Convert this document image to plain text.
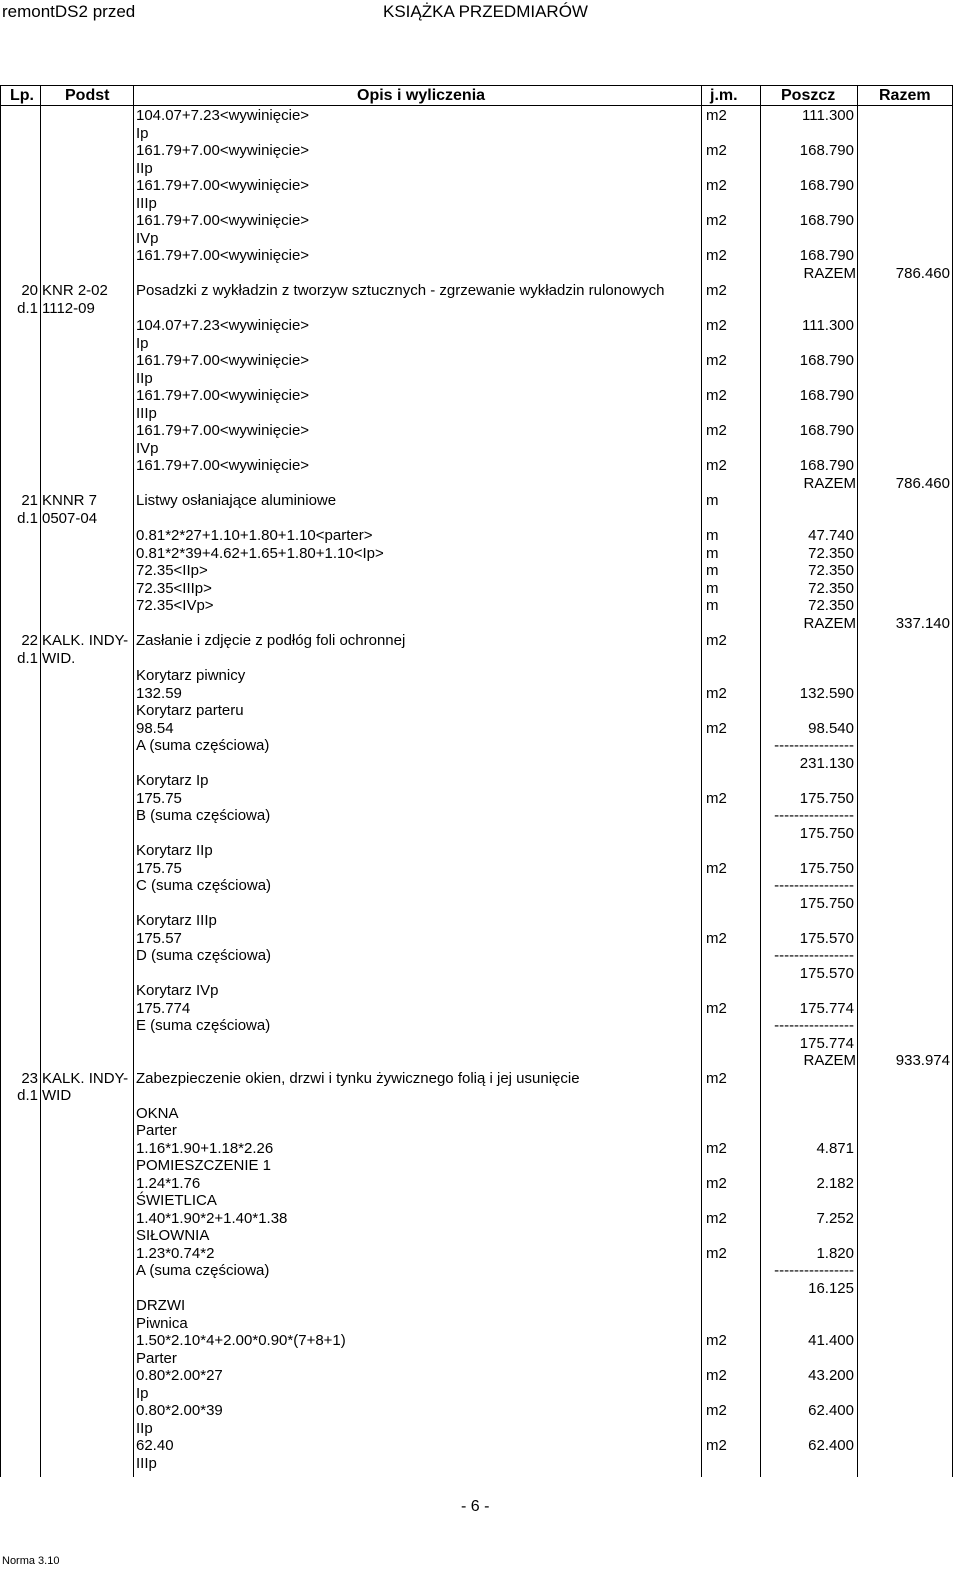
remontDS2 przed	KSIĄŻKA PRZEDMIARÓW
Lp. Podst	Opis i wyliczenia	j.m.	Poszcz	Razem
104.07+7.23<wywinięcie>	m2	111.300
Ip
161.79+7.00<wywinięcie>	m2	168.790
IIp
161.79+7.00<wywinięcie>	m2	168.790
IIIp
161.79+7.00<wywinięcie>	m2	168.790
IVp
161.79+7.00<wywinięcie>	m2	168.790
RAZEM	786.460
20 KNR 2-02	Posadzki z wykładzin z tworzyw sztucznych - zgrzewanie wykładzin rulonowych	m2
d.1 1112-09
104.07+7.23<wywinięcie>	m2	111.300
Ip
161.79+7.00<wywinięcie>	m2	168.790
IIp
161.79+7.00<wywinięcie>	m2	168.790
IIIp
161.79+7.00<wywinięcie>	m2	168.790
IVp
161.79+7.00<wywinięcie>	m2	168.790
RAZEM	786.460
21 KNNR 7	Listwy osłaniające aluminiowe	m
d.1 0507-04
0.81*2*27+1.10+1.80+1.10<parter>	m	47.740
0.81*2*39+4.62+1.65+1.80+1.10<Ip>	m	72.350
72.35<IIp>	m	72.350
72.35<IIIp>	m	72.350
72.35<IVp>	m	72.350
RAZEM	337.140
22 KALK. INDY- Zasłanie i zdjęcie z podłóg foli ochronnej	m2
d.1 WID.
Korytarz piwnicy
132.59	m2	132.590
Korytarz parteru
98.54	m2	98.540
A (suma częściowa)	----------------
231.130
Korytarz Ip
175.75	m2	175.750
B (suma częściowa)	----------------
175.750
Korytarz IIp
175.75	m2	175.750
C (suma częściowa)	----------------
175.750
Korytarz IIIp
175.57	m2	175.570
D (suma częściowa)	----------------
175.570
Korytarz IVp
175.774	m2	175.774
E (suma częściowa)	----------------
175.774
RAZEM	933.974
23 KALK. INDY- Zabezpieczenie okien, drzwi i tynku żywicznego folią i jej usunięcie	m2
d.1 WID
OKNA
Parter
1.16*1.90+1.18*2.26	m2	4.871
POMIESZCZENIE 1
1.24*1.76	m2	2.182
ŚWIETLICA
1.40*1.90*2+1.40*1.38	m2	7.252
SIŁOWNIA
1.23*0.74*2	m2	1.820
A (suma częściowa)	----------------
16.125
DRZWI
Piwnica
1.50*2.10*4+2.00*0.90*(7+8+1)	m2	41.400
Parter
0.80*2.00*27	m2	43.200
Ip
0.80*2.00*39	m2	62.400
IIp
62.40	m2	62.400
IIIp
- 6 -
Norma 3.10
